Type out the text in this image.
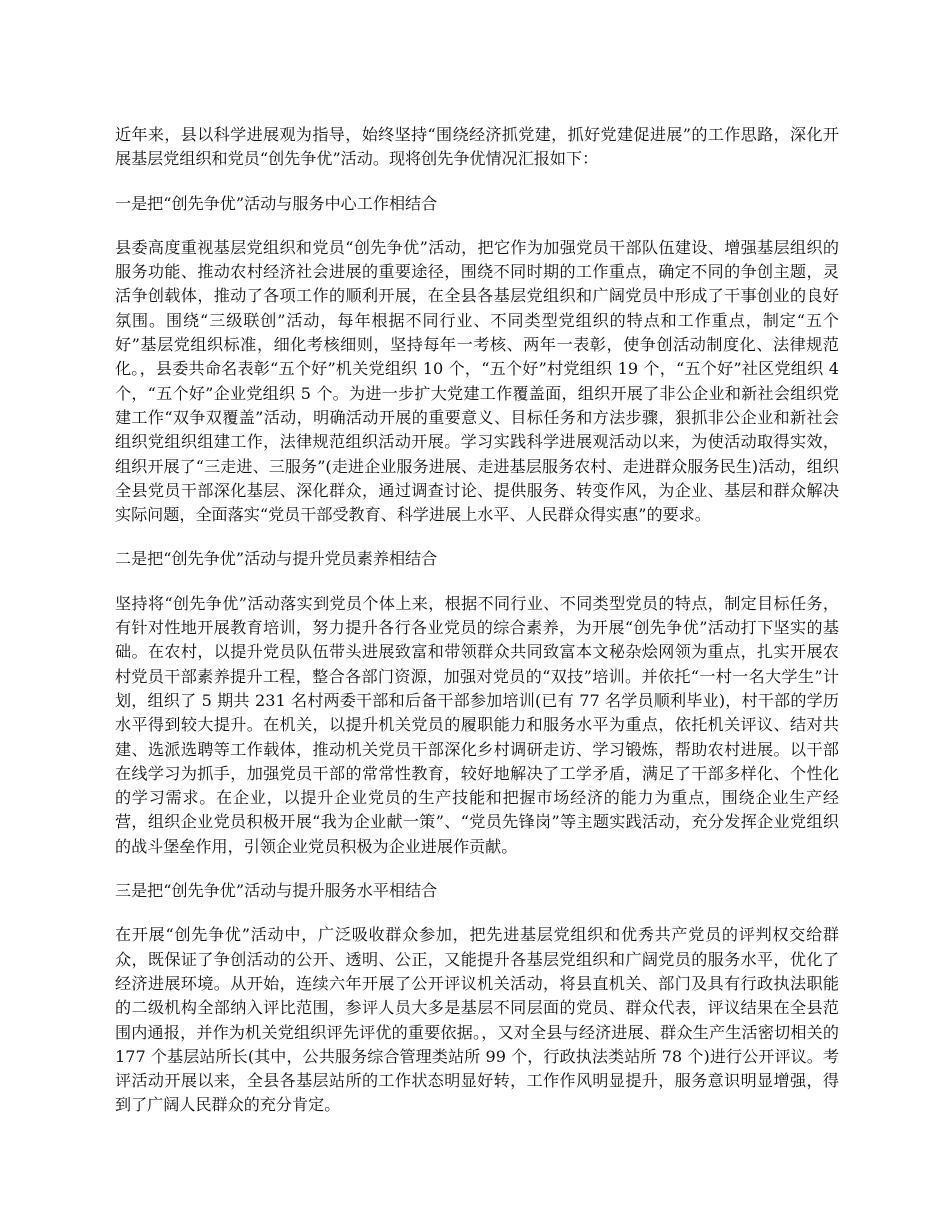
近年来，县以科学进展观为指导，始终坚持“围绕经济抓党建，抓好党建促进展”的工作思路，深化开展基层党组织和党员“创先争优”活动。现将创先争优情况汇报如下：

一是把“创先争优”活动与服务中心工作相结合

县委高度重视基层党组织和党员“创先争优”活动，把它作为加强党员干部队伍建设、增强基层组织的服务功能、推动农村经济社会进展的重要途径，围绕不同时期的工作重点，确定不同的争创主题，灵活争创载体，推动了各项工作的顺利开展，在全县各基层党组织和广阔党员中形成了干事创业的良好氛围。围绕“三级联创”活动，每年根据不同行业、不同类型党组织的特点和工作重点，制定“五个好”基层党组织标准，细化考核细则，坚持每年一考核、两年一表彰，使争创活动制度化、法律规范化。，县委共命名表彰“五个好”机关党组织 10 个，“五个好”村党组织 19 个，“五个好”社区党组织 4 个，“五个好”企业党组织 5 个。为进一步扩大党建工作覆盖面，组织开展了非公企业和新社会组织党建工作“双争双覆盖”活动，明确活动开展的重要意义、目标任务和方法步骤，狠抓非公企业和新社会组织党组织组建工作，法律规范组织活动开展。学习实践科学进展观活动以来，为使活动取得实效，组织开展了“三走进、三服务”(走进企业服务进展、走进基层服务农村、走进群众服务民生)活动，组织全县党员干部深化基层、深化群众，通过调查讨论、提供服务、转变作风，为企业、基层和群众解决实际问题，全面落实“党员干部受教育、科学进展上水平、人民群众得实惠”的要求。

二是把“创先争优”活动与提升党员素养相结合

坚持将“创先争优”活动落实到党员个体上来，根据不同行业、不同类型党员的特点，制定目标任务，有针对性地开展教育培训，努力提升各行各业党员的综合素养，为开展“创先争优”活动打下坚实的基础。在农村，以提升党员队伍带头进展致富和带领群众共同致富本文秘杂烩网领为重点，扎实开展农村党员干部素养提升工程，整合各部门资源，加强对党员的“双技”培训。并依托“一村一名大学生”计划，组织了 5 期共 231 名村两委干部和后备干部参加培训(已有 77 名学员顺利毕业)，村干部的学历水平得到较大提升。在机关，以提升机关党员的履职能力和服务水平为重点，依托机关评议、结对共建、选派选聘等工作载体，推动机关党员干部深化乡村调研走访、学习锻炼，帮助农村进展。以干部在线学习为抓手，加强党员干部的常常性教育，较好地解决了工学矛盾，满足了干部多样化、个性化的学习需求。在企业，以提升企业党员的生产技能和把握市场经济的能力为重点，围绕企业生产经营，组织企业党员积极开展“我为企业献一策”、“党员先锋岗”等主题实践活动，充分发挥企业党组织的战斗堡垒作用，引领企业党员积极为企业进展作贡献。

三是把“创先争优”活动与提升服务水平相结合

在开展“创先争优”活动中，广泛吸收群众参加，把先进基层党组织和优秀共产党员的评判权交给群众，既保证了争创活动的公开、透明、公正，又能提升各基层党组织和广阔党员的服务水平，优化了经济进展环境。从开始，连续六年开展了公开评议机关活动，将县直机关、部门及具有行政执法职能的二级机构全部纳入评比范围，参评人员大多是基层不同层面的党员、群众代表，评议结果在全县范围内通报，并作为机关党组织评先评优的重要依据。，又对全县与经济进展、群众生产生活密切相关的 177 个基层站所长(其中，公共服务综合管理类站所 99 个，行政执法类站所 78 个)进行公开评议。考评活动开展以来，全县各基层站所的工作状态明显好转，工作作风明显提升，服务意识明显增强，得到了广阔人民群众的充分肯定。
